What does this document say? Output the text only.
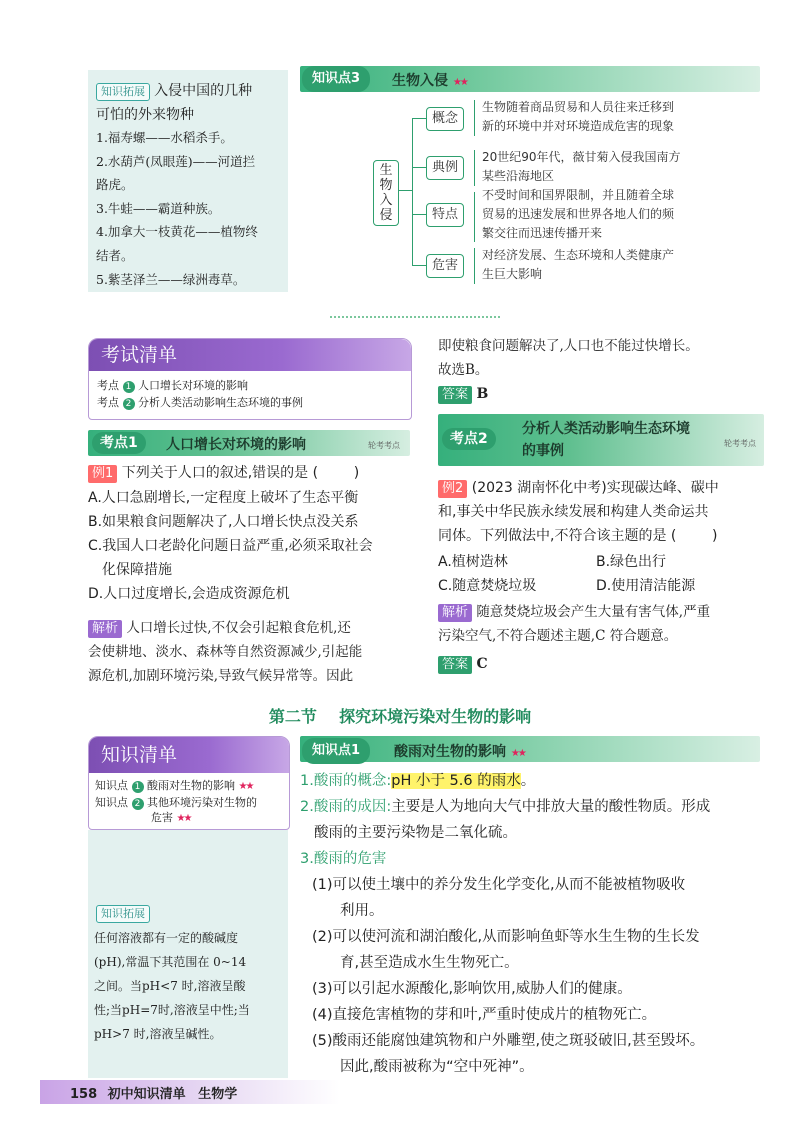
知识拓展 入侵中国的几种
可怕的外来物种
1.福寿螺——水稻杀手。
2.水葫芦(凤眼莲)——河道拦
路虎。
3.牛蛙——霸道种族。
4.加拿大一枝黄花——植物终
结者。
5.紫茎泽兰——绿洲毒草。
知识点3	生物入侵 ★★
生物入侵
概念
典例
特点
危害
生物随着商品贸易和人员往来迁移到
新的环境中并对环境造成危害的现象
20世纪90年代，薇甘菊入侵我国南方
某些沿海地区
不受时间和国界限制，并且随着全球
贸易的迅速发展和世界各地人们的频
繁交往而迅速传播开来
对经济发展、生态环境和人类健康产
生巨大影响
考试清单
考点 1 人口增长对环境的影响
考点 2 分析人类活动影响生态环境的事例
考点1	人口增长对环境的影响	轮考考点
例1 下列关于人口的叙述,错误的是 (        )
A.人口急剧增长,一定程度上破坏了生态平衡
B.如果粮食问题解决了,人口增长快点没关系
C.我国人口老龄化问题日益严重,必须采取社会
化保障措施
D.人口过度增长,会造成资源危机
解析 人口增长过快,不仅会引起粮食危机,还
会使耕地、淡水、森林等自然资源减少,引起能
源危机,加剧环境污染,导致气候异常等。因此
即使粮食问题解决了,人口也不能过快增长。
故选B。
答案 B
考点2
分析人类活动影响生态环境
的事例	轮考考点
例2 (2023 湖南怀化中考)实现碳达峰、碳中
和,事关中华民族永续发展和构建人类命运共
同体。下列做法中,不符合该主题的是 (        )
A.植树造林	B.绿色出行
C.随意焚烧垃圾	D.使用清洁能源
解析 随意焚烧垃圾会产生大量有害气体,严重
污染空气,不符合题述主题,C 符合题意。
答案 C
第二节    探究环境污染对生物的影响
知识清单
知识点 1 酸雨对生物的影响 ★★
知识点 2 其他环境污染对生物的
危害 ★★
知识拓展
任何溶液都有一定的酸碱度
(pH),常温下其范围在 0~14
之间。当pH<7 时,溶液呈酸
性;当pH=7时,溶液呈中性;当
pH>7 时,溶液呈碱性。
知识点1	酸雨对生物的影响 ★★
1.酸雨的概念:pH 小于 5.6 的雨水。
2.酸雨的成因:主要是人为地向大气中排放大量的酸性物质。形成
酸雨的主要污染物是二氧化硫。
3.酸雨的危害
(1)可以使土壤中的养分发生化学变化,从而不能被植物吸收
利用。
(2)可以使河流和湖泊酸化,从而影响鱼虾等水生生物的生长发
育,甚至造成水生生物死亡。
(3)可以引起水源酸化,影响饮用,威胁人们的健康。
(4)直接危害植物的芽和叶,严重时使成片的植物死亡。
(5)酸雨还能腐蚀建筑物和户外雕塑,使之斑驳破旧,甚至毁坏。
因此,酸雨被称为“空中死神”。
158 初中知识清单 生物学
